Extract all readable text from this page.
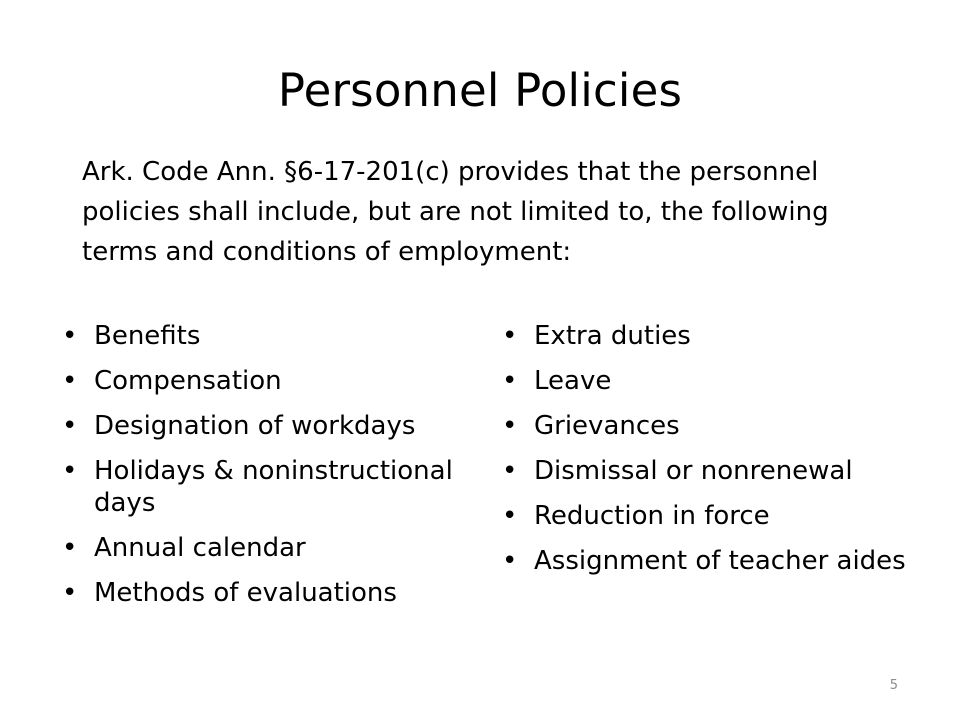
Personnel Policies
Ark. Code Ann. §6-17-201(c) provides that the personnel policies shall include, but are not limited to, the following terms and conditions of employment:
• Benefits
• Compensation
• Designation of workdays
• Holidays & noninstructional days
• Annual calendar
• Methods of evaluations
• Extra duties
• Leave
• Grievances
• Dismissal or nonrenewal
• Reduction in force
• Assignment of teacher aides
5
